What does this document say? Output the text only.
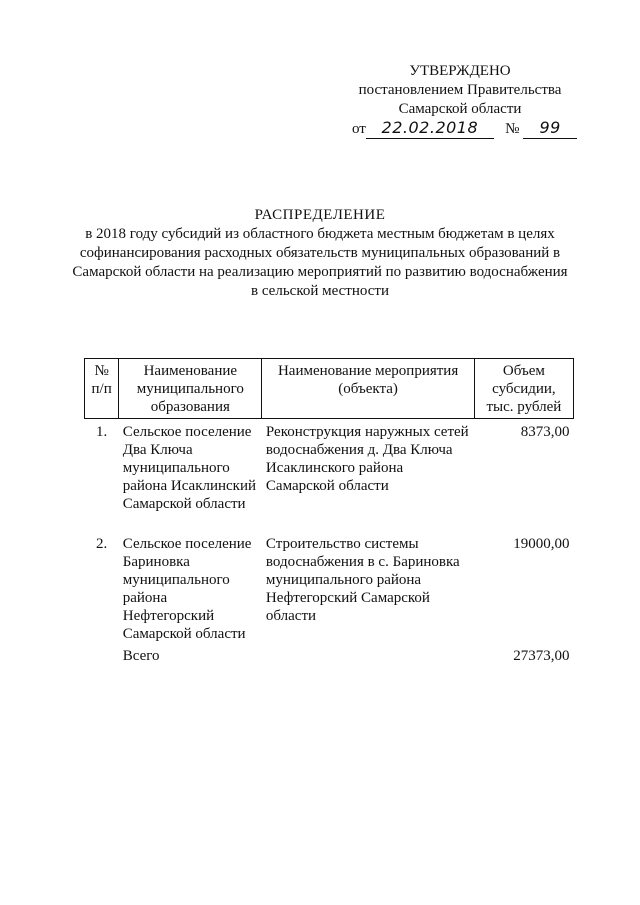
УТВЕРЖДЕНО
постановлением Правительства
Самарской области
от 22.02.2018 № 99
РАСПРЕДЕЛЕНИЕ
в 2018 году субсидий из областного бюджета местным бюджетам в целях софинансирования расходных обязательств муниципальных образований в Самарской области на реализацию мероприятий по развитию водоснабжения в сельской местности
№ п/п	Наименование муниципального образования	Наименование мероприятия (объекта)	Объем субсидии, тыс. рублей
1.	Сельское поселение Два Ключа муниципального района Исаклинский Самарской области	Реконструкция наружных сетей водоснабжения д. Два Ключа Исаклинского района Самарской области	8373,00

2.	Сельское поселение Бариновка муниципального района Нефтегорский Самарской области	Строительство системы водоснабжения в с. Бариновка муниципального района Нефтегорский Самарской области	19000,00
	Всего		27373,00
